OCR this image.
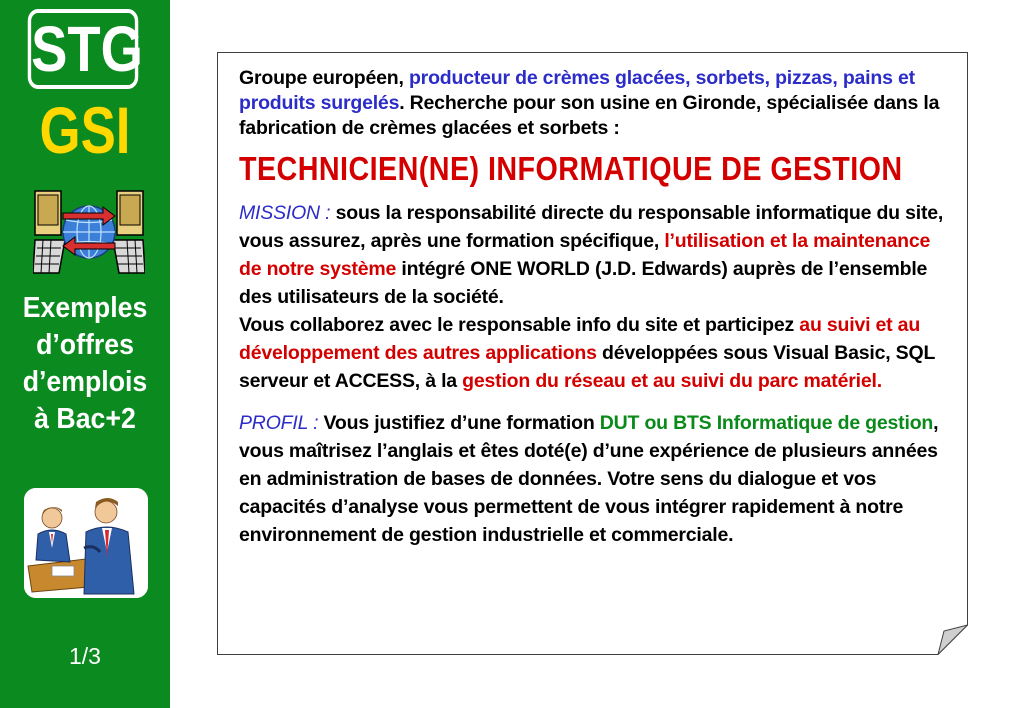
STG
GSI
Exemples
d’offres
d’emplois
à Bac+2
1/3

Groupe européen, producteur de crèmes glacées, sorbets, pizzas, pains et produits surgelés. Recherche pour son usine en Gironde, spécialisée dans la fabrication de crèmes glacées et sorbets :

TECHNICIEN(NE) INFORMATIQUE DE GESTION

MISSION : sous la responsabilité directe du responsable informatique du site, vous assurez, après une formation spécifique, l’utilisation et la maintenance de notre système intégré ONE WORLD (J.D. Edwards) auprès de l’ensemble des utilisateurs de la société.

Vous collaborez avec le responsable info du site et participez au suivi et au développement des autres applications développées sous Visual Basic, SQL serveur et ACCESS, à la gestion du réseau et au suivi du parc matériel.

PROFIL : Vous justifiez d’une formation DUT ou BTS Informatique de gestion, vous maîtrisez l’anglais et êtes doté(e) d’une expérience de plusieurs années en administration de bases de données. Votre sens du dialogue et vos capacités d’analyse vous permettent de vous intégrer rapidement à notre environnement de gestion industrielle et commerciale.
